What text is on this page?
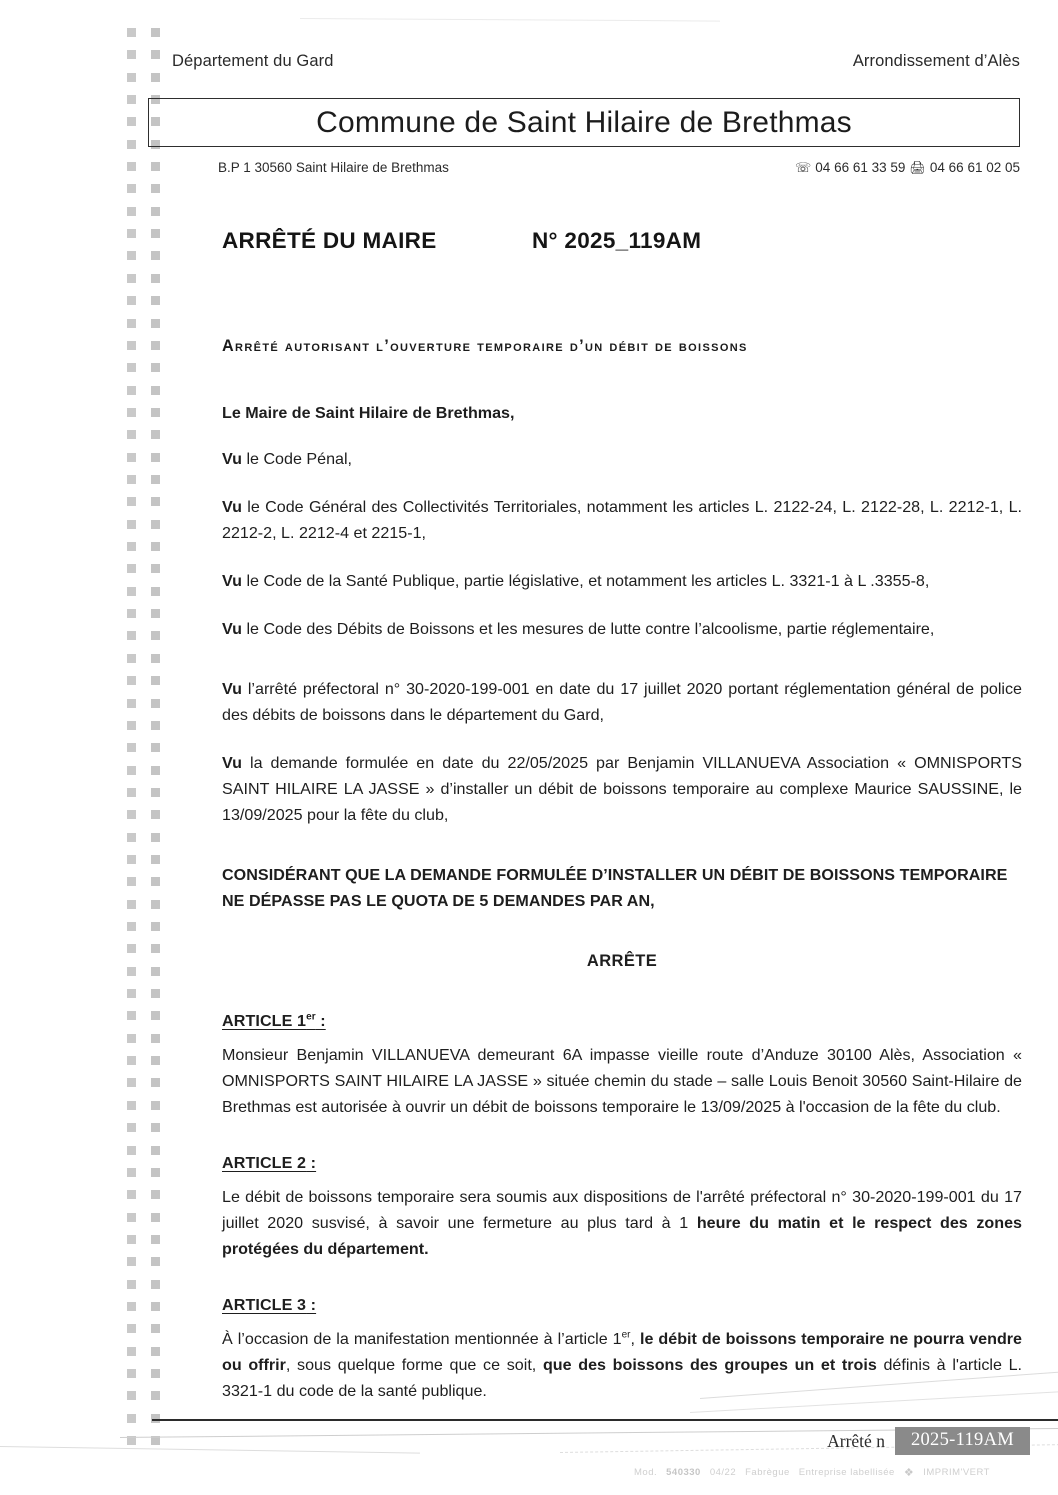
Département du Gard	Arrondissement d’Alès
Commune de Saint Hilaire de Brethmas
B.P 1 30560 Saint Hilaire de Brethmas	☏ 04 66 61 33 59 🖨 04 66 61 02 05
ARRÊTÉ DU MAIRE	N° 2025_119AM
Arrêté autorisant l’ouverture temporaire d’un débit de boissons

Le Maire de Saint Hilaire de Brethmas,

Vu le Code Pénal,

Vu le Code Général des Collectivités Territoriales, notamment les articles L. 2122-24, L. 2122-28, L. 2212-1, L. 2212-2, L. 2212-4 et 2215-1,

Vu le Code de la Santé Publique, partie législative, et notamment les articles L. 3321-1 à L .3355-8,

Vu le Code des Débits de Boissons et les mesures de lutte contre l’alcoolisme, partie réglementaire,

Vu l’arrêté préfectoral n° 30-2020-199-001 en date du 17 juillet 2020 portant réglementation général de police des débits de boissons dans le département du Gard,

Vu la demande formulée en date du 22/05/2025 par Benjamin VILLANUEVA Association « OMNISPORTS SAINT HILAIRE LA JASSE » d’installer un débit de boissons temporaire au complexe Maurice SAUSSINE, le 13/09/2025 pour la fête du club,

CONSIDÉRANT QUE LA DEMANDE FORMULÉE D’INSTALLER UN DÉBIT DE BOISSONS TEMPORAIRE NE DÉPASSE PAS LE QUOTA DE 5 DEMANDES PAR AN,

ARRÊTE

ARTICLE 1er :

Monsieur Benjamin VILLANUEVA demeurant 6A impasse vieille route d’Anduze 30100 Alès, Association « OMNISPORTS SAINT HILAIRE LA JASSE » située chemin du stade – salle Louis Benoit 30560 Saint-Hilaire de Brethmas est autorisée à ouvrir un débit de boissons temporaire le 13/09/2025 à l'occasion de la fête du club.

ARTICLE 2 :

Le débit de boissons temporaire sera soumis aux dispositions de l'arrêté préfectoral n° 30-2020-199-001 du 17 juillet 2020 susvisé, à savoir une fermeture au plus tard à 1 heure du matin et le respect des zones protégées du département.

ARTICLE 3 :

À l’occasion de la manifestation mentionnée à l’article 1er, le débit de boissons temporaire ne pourra vendre ou offrir, sous quelque forme que ce soit, que des boissons des groupes un et trois définis à l'article L. 3321-1 du code de la santé publique.

Arrêté n	2025-119AM
Mod. 540330 04/22 Fabrègue Entreprise labellisée ❖ IMPRIM'VERT
